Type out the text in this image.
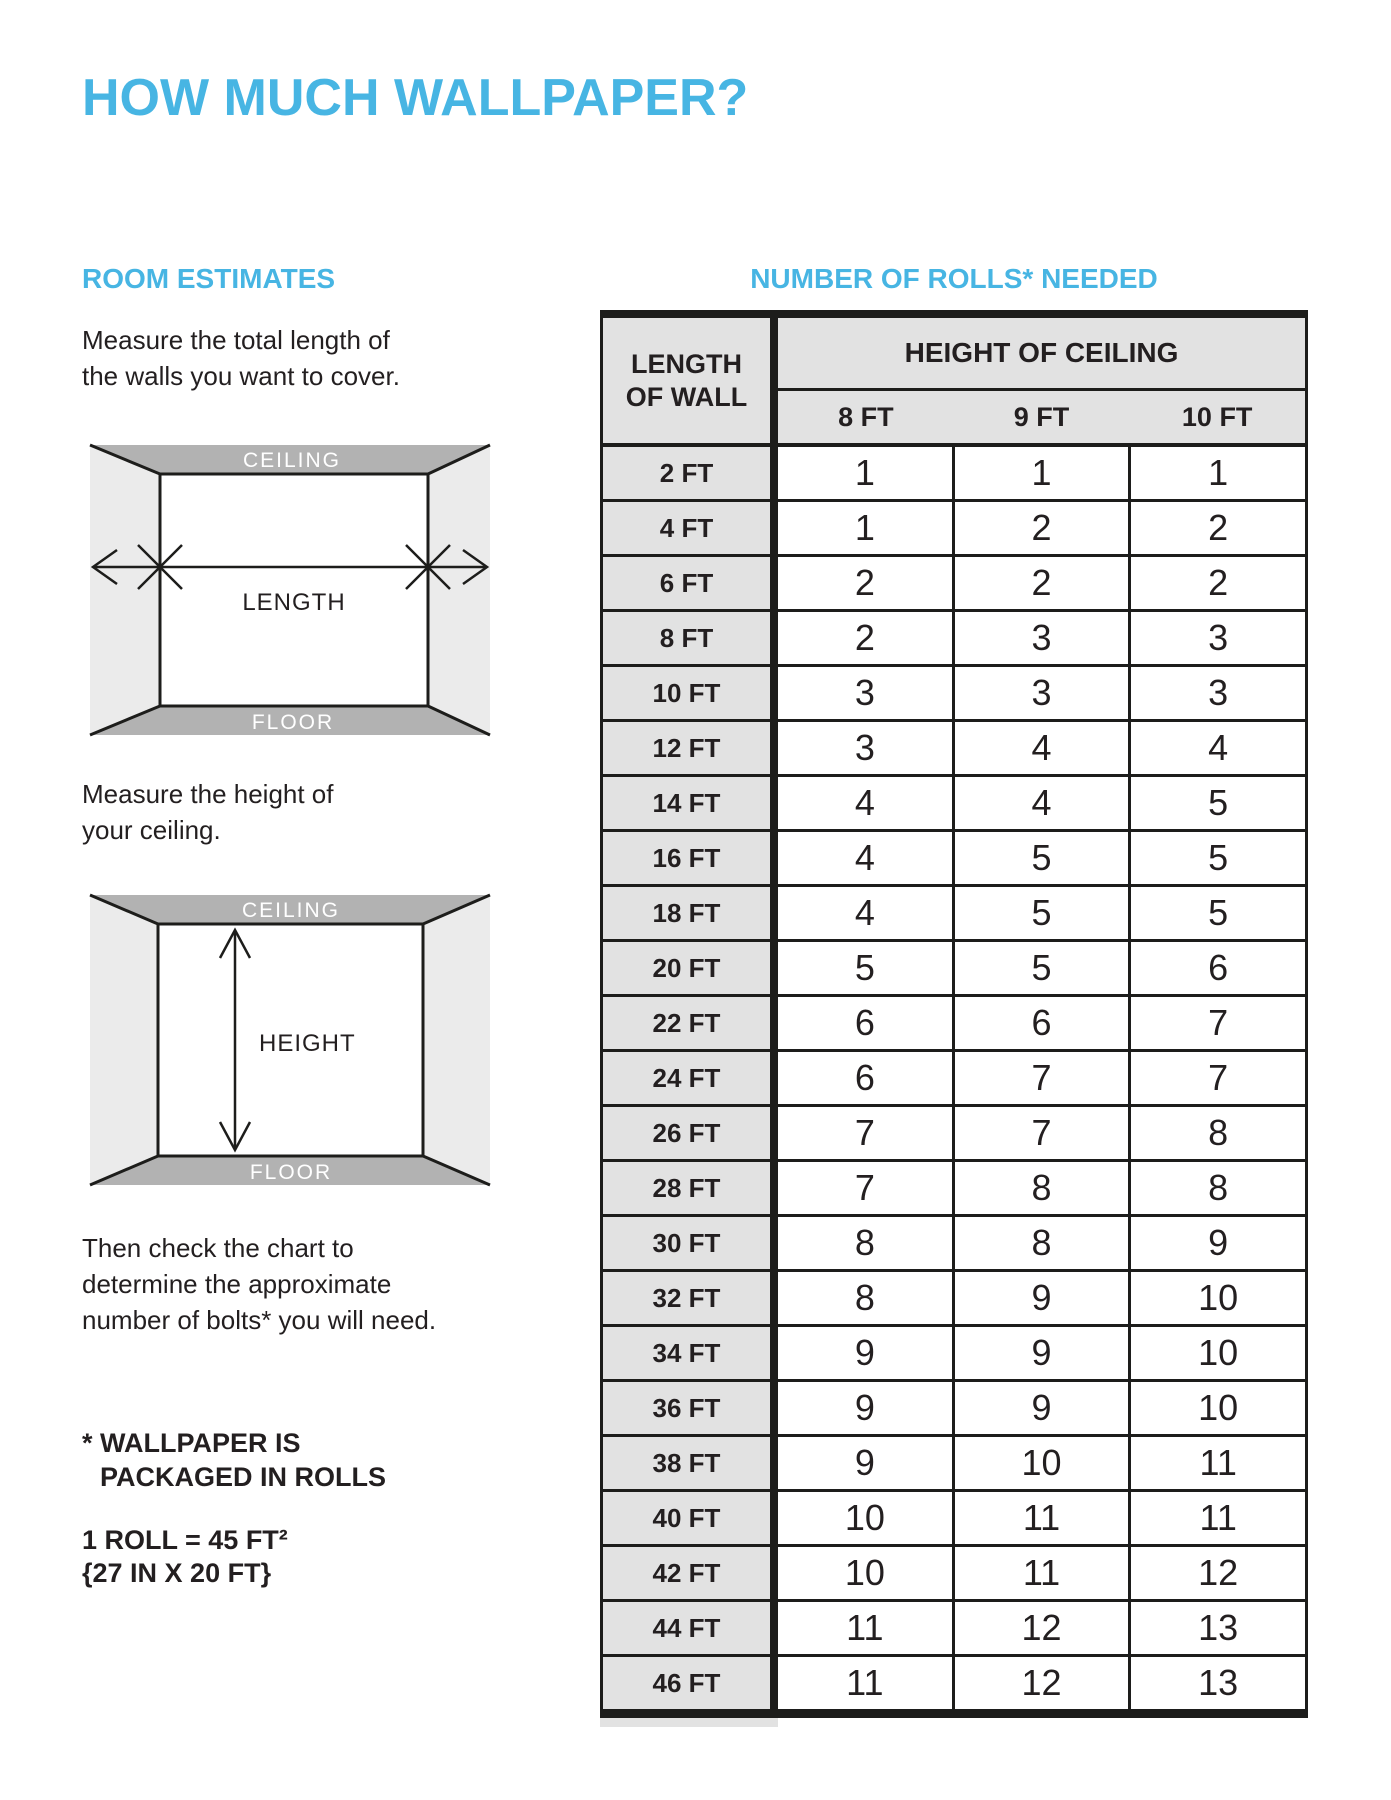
HOW MUCH WALLPAPER?
ROOM ESTIMATES	NUMBER OF ROLLS* NEEDED
Measure the total length of
the walls you want to cover.
CEILING
LENGTH
FLOOR
Measure the height of
your ceiling.
CEILING
HEIGHT
FLOOR
Then check the chart to
determine the approximate
number of bolts* you will need.
* WALLPAPER IS
PACKAGED IN ROLLS
1 ROLL = 45 FT²
{27 IN X 20 FT}
LENGTH
OF WALL
HEIGHT OF CEILING
8 FT	9 FT	10 FT
2 FT	1	1	1
4 FT	1	2	2
6 FT	2	2	2
8 FT	2	3	3
10 FT	3	3	3
12 FT	3	4	4
14 FT	4	4	5
16 FT	4	5	5
18 FT	4	5	5
20 FT	5	5	6
22 FT	6	6	7
24 FT	6	7	7
26 FT	7	7	8
28 FT	7	8	8
30 FT	8	8	9
32 FT	8	9	10
34 FT	9	9	10
36 FT	9	9	10
38 FT	9	10	11
40 FT	10	11	11
42 FT	10	11	12
44 FT	11	12	13
46 FT	11	12	13
